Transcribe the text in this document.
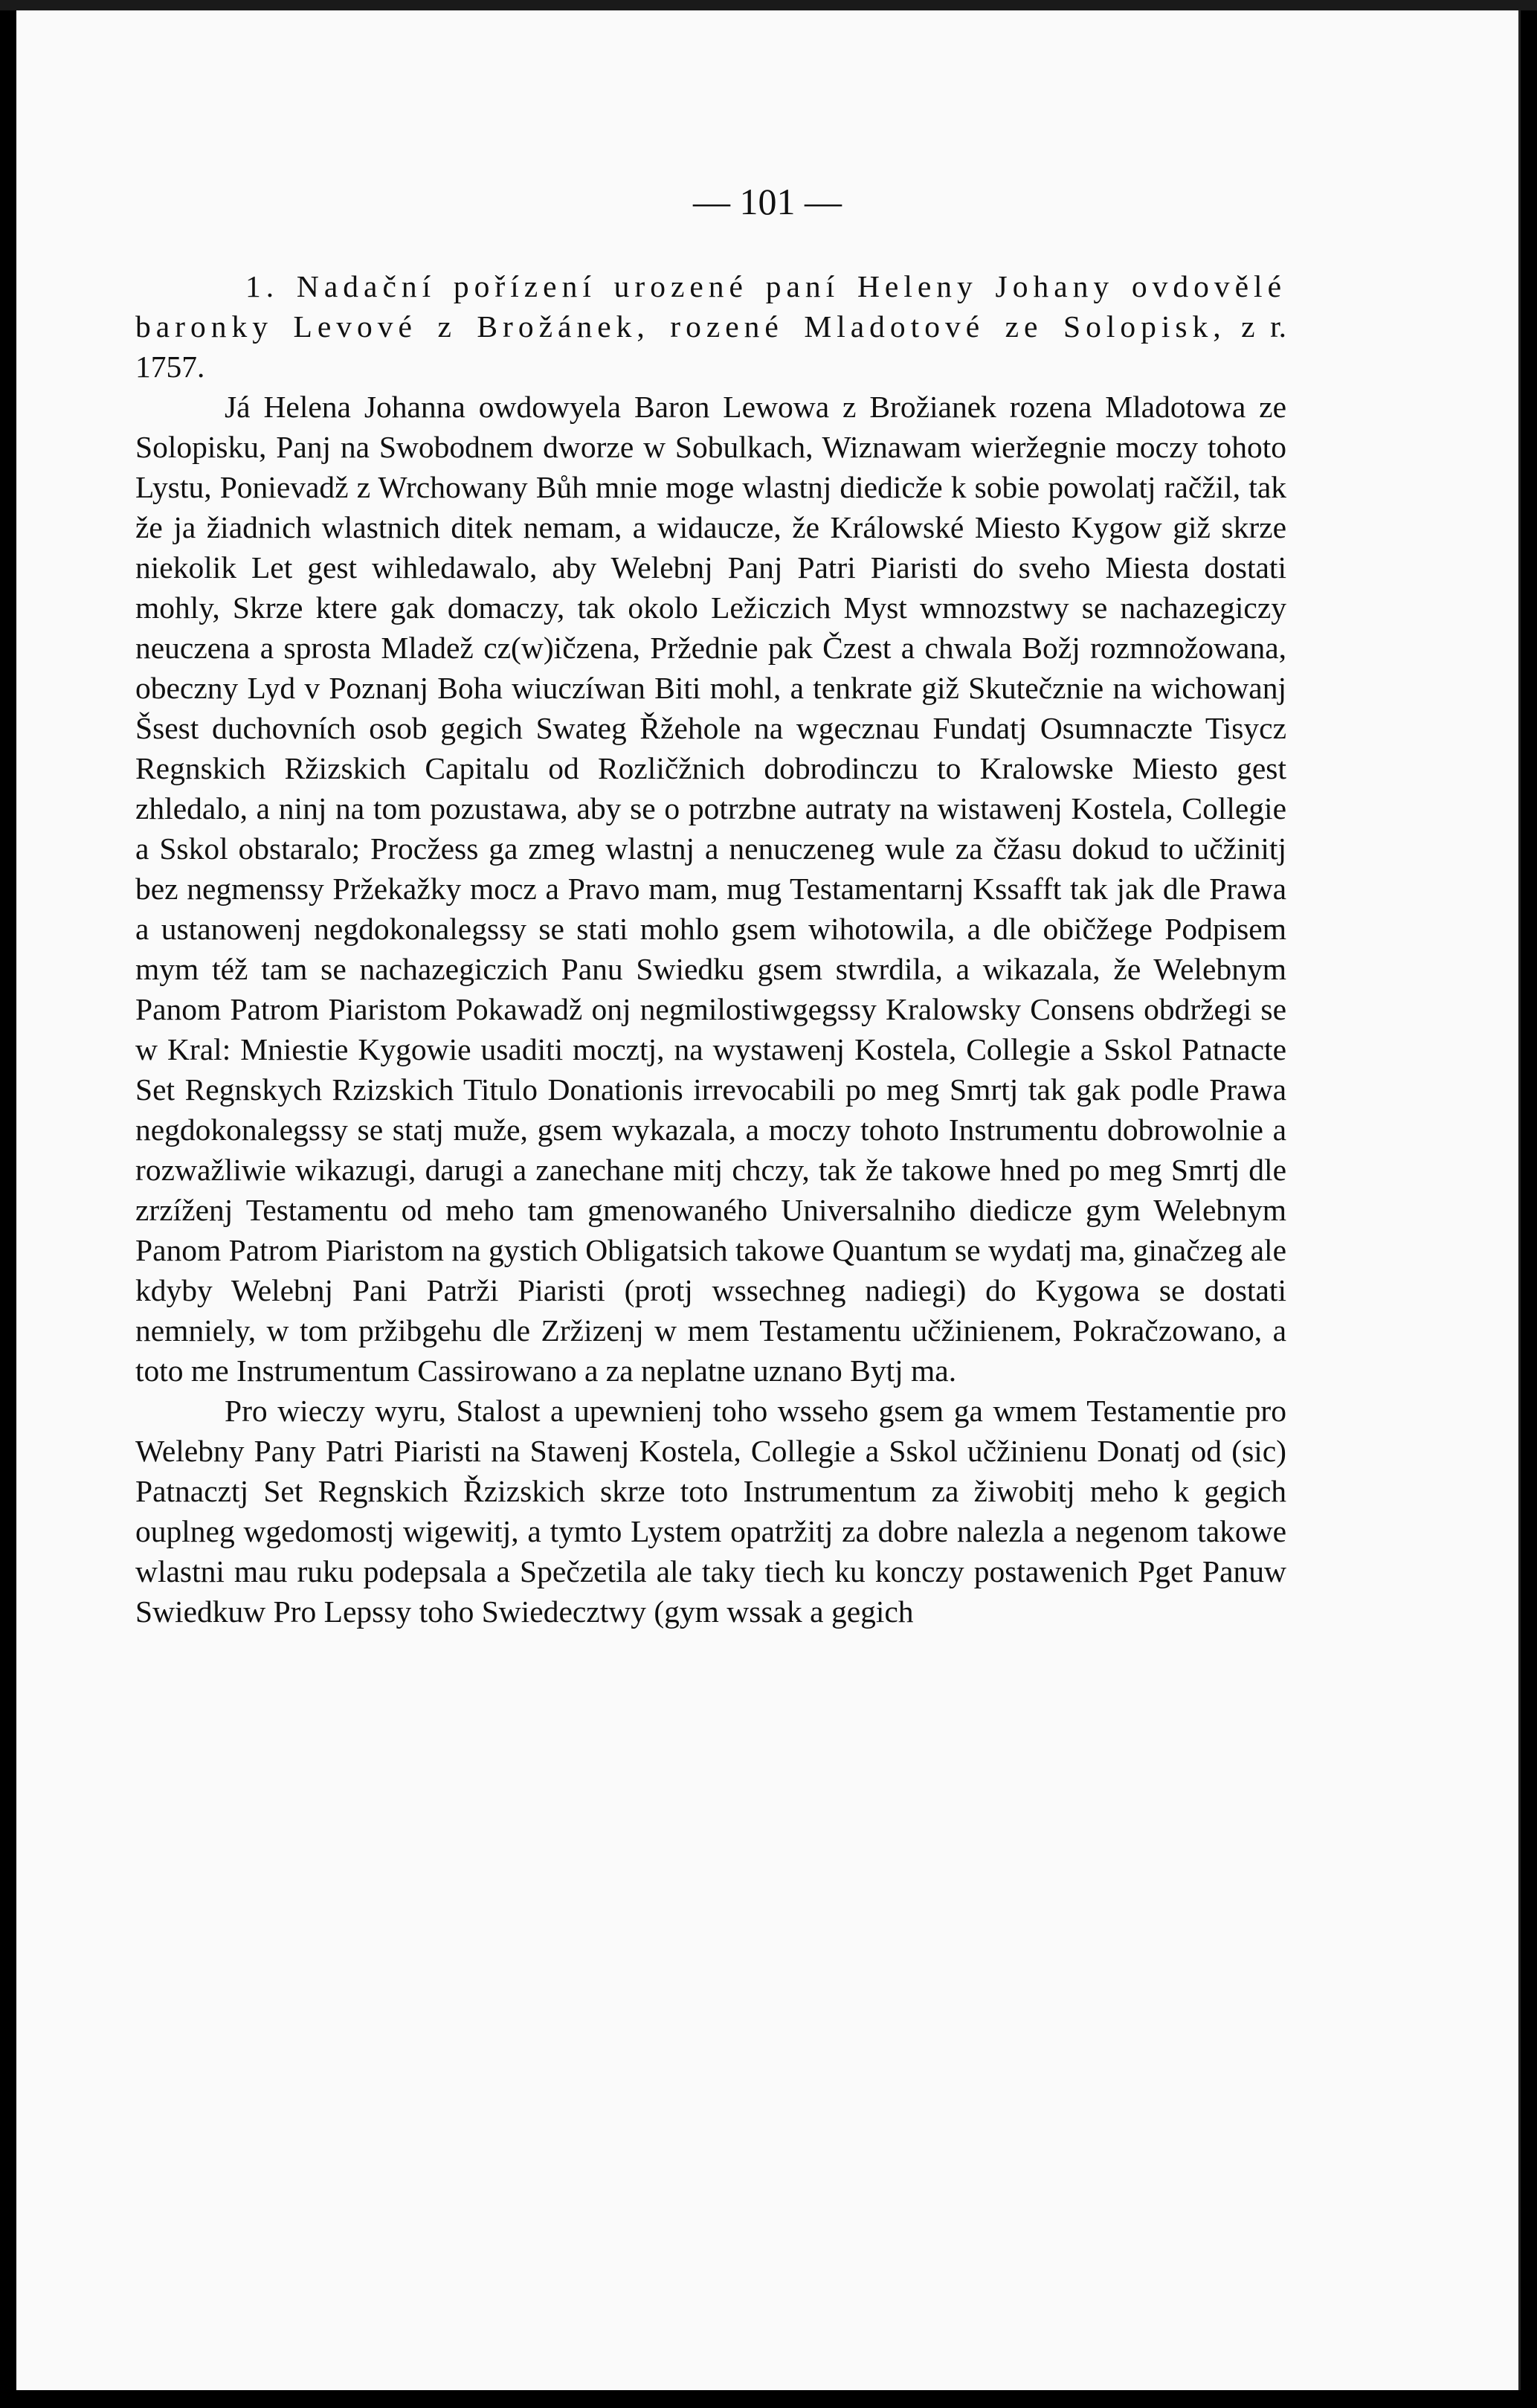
— 101 —

1. Nadační pořízení urozené paní Heleny Johany ovdovělé baronky Levové z Brožánek, rozené Mladotové ze Solopisk, z r. 1757.

Já Helena Johanna owdowyela Baron Lewowa z Brožianek rozena Mladotowa ze Solopisku, Panj na Swobodnem dworze w Sobulkach, Wiznawam wieržegnie moczy tohoto Lystu, Ponievadž z Wrchowany Bůh mnie moge wlastnj diedicže k sobie powolatj račžil, tak že ja žiadnich wlastnich ditek nemam, a widaucze, že Králowské Miesto Kygow giž skrze niekolik Let gest wihledawalo, aby Welebnj Panj Patri Piaristi do sveho Miesta dostati mohly, Skrze ktere gak domaczy, tak okolo Ležiczich Myst wmnozstwy se nachazegiczy neuczena a sprosta Mladež cz(w)ičzena, Pržednie pak Čzest a chwala Božj rozmnožowana, obeczny Lyd v Poznanj Boha wiuczíwan Biti mohl, a tenkrate giž Skutečznie na wichowanj Šsest duchovních osob gegich Swateg Řžehole na wgecznau Fundatj Osumnaczte Tisycz Regnskich Ržizskich Capitalu od Rozličžnich dobrodinczu to Kralowske Miesto gest zhledalo, a ninj na tom pozustawa, aby se o potrzbne autraty na wistawenj Kostela, Collegie a Sskol obstaralo; Procžess ga zmeg wlastnj a nenuczeneg wule za čžasu dokud to učžinitj bez negmenssy Pržekažky mocz a Pravo mam, mug Testamentarnj Kssafft tak jak dle Prawa a ustanowenj negdokonalegssy se stati mohlo gsem wihotowila, a dle običžege Podpisem mym též tam se nachazegiczich Panu Swiedku gsem stwrdila, a wikazala, že Welebnym Panom Patrom Piaristom Pokawadž onj negmilostiwgegssy Kralowsky Consens obdržegi se w Kral: Mniestie Kygowie usaditi mocztj, na wystawenj Kostela, Collegie a Sskol Patnacte Set Regnskych Rzizskich Titulo Donationis irrevocabili po meg Smrtj tak gak podle Prawa negdokonalegssy se statj muže, gsem wykazala, a moczy tohoto Instrumentu dobrowolnie a rozwažliwie wikazugi, darugi a zanechane mitj chczy, tak že takowe hned po meg Smrtj dle zrzíženj Testamentu od meho tam gmenowaného Universalniho diedicze gym Welebnym Panom Patrom Piaristom na gystich Obligatsich takowe Quantum se wydatj ma, ginačzeg ale kdyby Welebnj Pani Patrži Piaristi (protj wssechneg nadiegi) do Kygowa se dostati nemniely, w tom pržibgehu dle Zržizenj w mem Testamentu učžinienem, Pokračzowano, a toto me Instrumentum Cassirowano a za neplatne uznano Bytj ma.

Pro wieczy wyru, Stalost a upewnienj toho wsseho gsem ga wmem Testamentie pro Welebny Pany Patri Piaristi na Stawenj Kostela, Collegie a Sskol učžinienu Donatj od (sic) Patnacztj Set Regnskich Řzizskich skrze toto Instrumentum za žiwobitj meho k gegich ouplneg wgedomostj wigewitj, a tymto Lystem opatržitj za dobre nalezla a negenom takowe wlastni mau ruku podepsala a Spečzetila ale taky tiech ku konczy postawenich Pget Panuw Swiedkuw Pro Lepssy toho Swiedecztwy (gym wssak a gegich
